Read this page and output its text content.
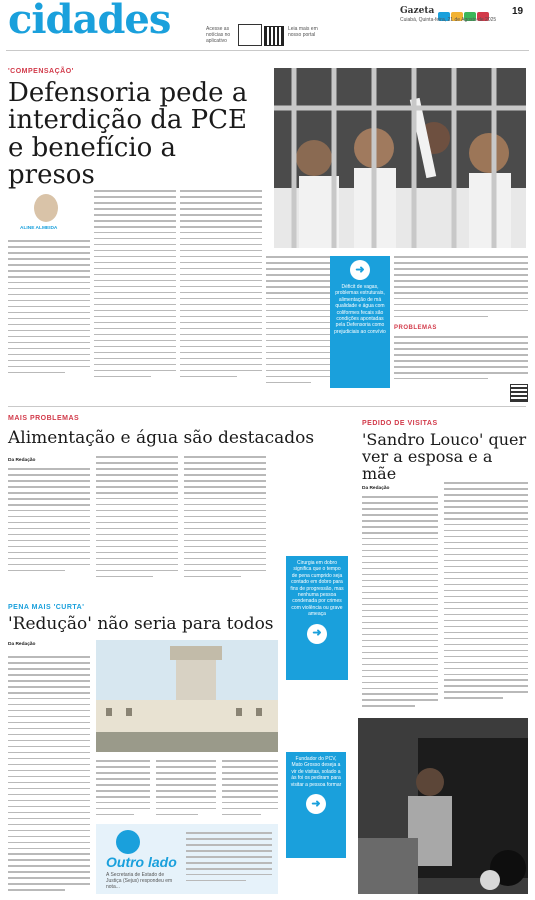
cidades	Acesse as notícias no aplicativo
Leia mais em nosso portal
Gazeta	19
Cuiabá, Quinta-feira, 21 de Agosto de 2025
'COMPENSAÇÃO'
Defensoria pede a interdição da PCE e benefício a presos
ALINE ALMEIDA
➜
Déficit de vagas, problemas estruturais, alimentação de má qualidade e água com coliformes fecais são condições apontadas pela Defensoria como prejudiciais ao convívio
PROBLEMAS
MAIS PROBLEMAS
Alimentação e água são destacados
Da Redação
Cirurgia em dobro significa que o tempo de pena cumprido seja contado em dobro para fins de progressão, mas nenhuma pessoa condenada por crimes com violência ou grave ameaça
➜
PEDIDO DE VISITAS
'Sandro Louco' quer ver a esposa e a mãe
Da Redação
Fundador do PCV, Mato Grosso deseja a vir de visitas, solado a às foi os pediram para visitar a pessoa formar
➜
PENA MAIS 'CURTA'
'Redução' não seria para todos
Da Redação
Outro lado
A Secretaria de Estado de Justiça (Sejus) respondeu em nota...
